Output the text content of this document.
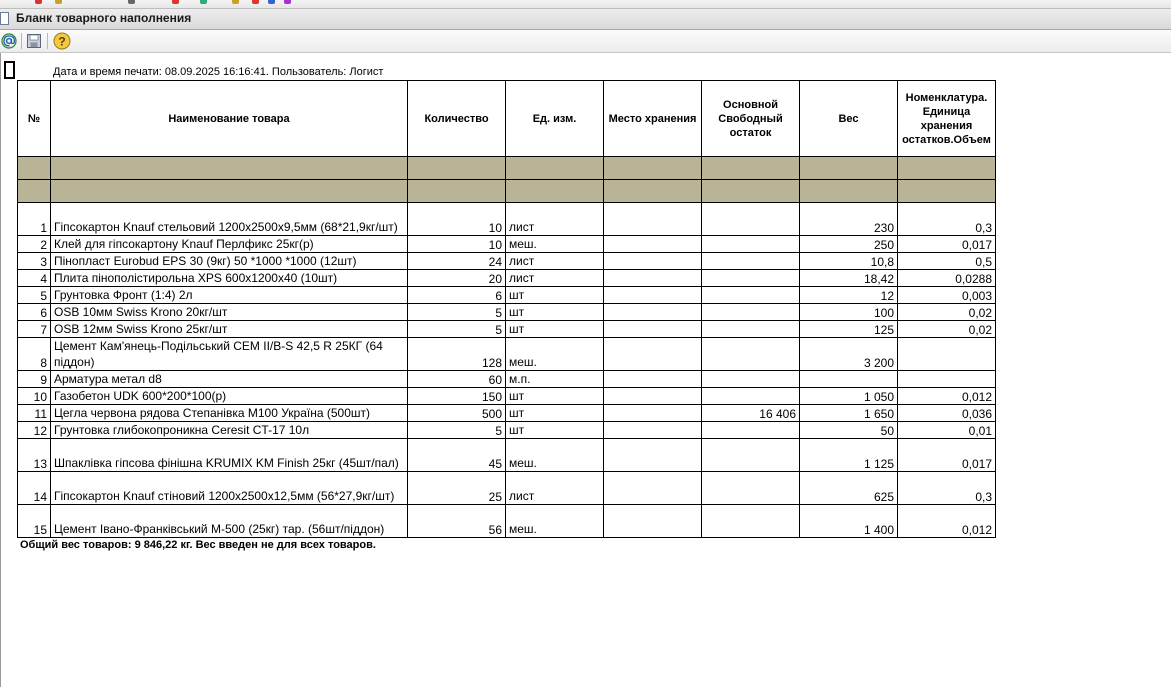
Бланк товарного наполнения
?
Дата и время печати: 08.09.2025 16:16:41. Пользователь: Логист
№	Наименование товара	Количество	Ед. изм.	Место хранения	Основной Свободный остаток	Вес	Номенклатура. Единица хранения остатков.Объем

1	Гіпсокартон Knauf стельовий 1200х2500х9,5мм (68*21,9кг/шт)	10	лист			230	0,3
2	Клей для гіпсокартону Knauf Перлфикс 25кг(р)	10	меш.			250	0,017
3	Пінопласт Eurobud EPS 30 (9кг) 50 *1000 *1000 (12шт)	24	лист			10,8	0,5
4	Плита пінополістирольна XPS 600x1200x40 (10шт)	20	лист			18,42	0,0288
5	Грунтовка Фронт (1:4) 2л	6	шт			12	0,003
6	OSB 10мм Swiss Krono 20кг/шт	5	шт			100	0,02
7	OSB 12мм Swiss Krono 25кг/шт	5	шт			125	0,02
8	Цемент Кам'янець-Подільський CEM II/B-S 42,5 R 25КГ (64 піддон)	128	меш.			3 200	
9	Арматура метал d8	60	м.п.				
10	Газобетон UDK 600*200*100(р)	150	шт			1 050	0,012
11	Цегла червона рядова Степанівка М100 Україна (500шт)	500	шт		16 406	1 650	0,036
12	Грунтовка глибокопроникна Ceresit CT-17 10л	5	шт			50	0,01
13	Шпаклівка гіпсова фінішна KRUMIX KM Finish 25кг (45шт/пал)	45	меш.			1 125	0,017
14	Гіпсокартон Knauf стіновий 1200х2500х12,5мм (56*27,9кг/шт)	25	лист			625	0,3
15	Цемент Івано-Франківський М-500 (25кг) тар. (56шт/піддон)	56	меш.			1 400	0,012
Общий вес товаров: 9 846,22 кг. Вес введен не для всех товаров.
